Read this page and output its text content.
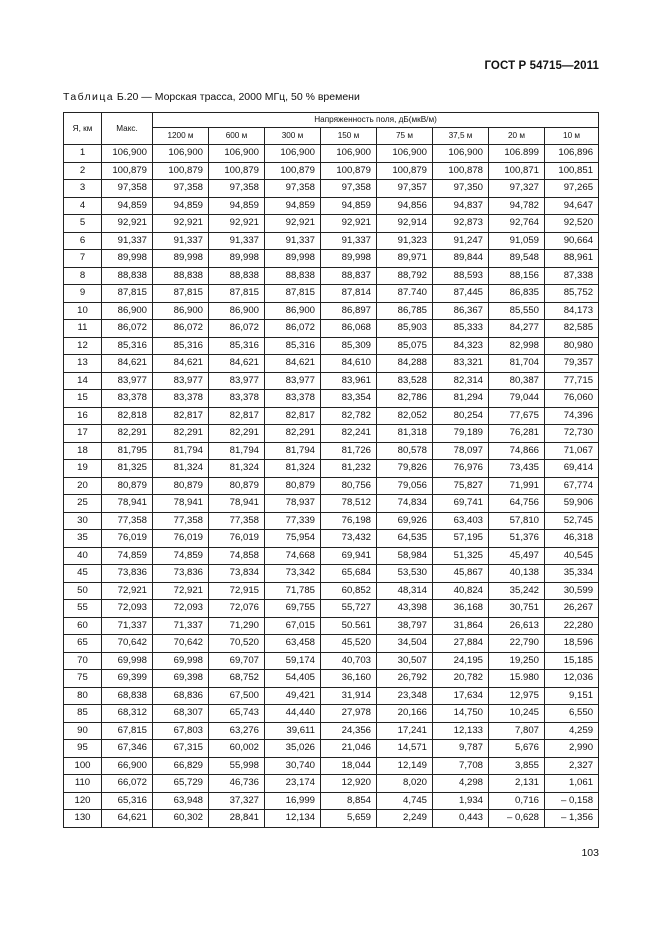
ГОСТ Р 54715—2011
Таблица Б.20 — Морская трасса, 2000 МГц, 50 % времени
Я, км	Макс.	Напряженность поля, дБ(мкВ/м)							
		1200 м	600 м	300 м	150 м	75 м	37,5 м	20 м	10 м
1	106,900	106,900	106,900	106,900	106,900	106,900	106,900	106.899	106,896
2	100,879	100,879	100,879	100,879	100,879	100,879	100,878	100,871	100,851
3	97,358	97,358	97,358	97,358	97,358	97,357	97,350	97,327	97,265
4	94,859	94,859	94,859	94,859	94,859	94,856	94,837	94,782	94,647
5	92,921	92,921	92,921	92,921	92,921	92,914	92,873	92,764	92,520
6	91,337	91,337	91,337	91,337	91,337	91,323	91,247	91,059	90,664
7	89,998	89,998	89,998	89,998	89,998	89,971	89,844	89,548	88,961
8	88,838	88,838	88,838	88,838	88,837	88,792	88,593	88,156	87,338
9	87,815	87,815	87,815	87,815	87,814	87.740	87,445	86,835	85,752
10	86,900	86,900	86,900	86,900	86,897	86,785	86,367	85,550	84,173
11	86,072	86,072	86,072	86,072	86,068	85,903	85,333	84,277	82,585
12	85,316	85,316	85,316	85,316	85,309	85,075	84,323	82,998	80,980
13	84,621	84,621	84,621	84,621	84,610	84,288	83,321	81,704	79,357
14	83,977	83,977	83,977	83,977	83,961	83,528	82,314	80,387	77,715
15	83,378	83,378	83,378	83,378	83,354	82,786	81,294	79,044	76,060
16	82,818	82,817	82,817	82,817	82,782	82,052	80,254	77,675	74,396
17	82,291	82,291	82,291	82,291	82,241	81,318	79,189	76,281	72,730
18	81,795	81,794	81,794	81,794	81,726	80,578	78,097	74,866	71,067
19	81,325	81,324	81,324	81,324	81,232	79,826	76,976	73,435	69,414
20	80,879	80,879	80,879	80,879	80,756	79,056	75,827	71,991	67,774
25	78,941	78,941	78,941	78,937	78,512	74,834	69,741	64,756	59,906
30	77,358	77,358	77,358	77,339	76,198	69,926	63,403	57,810	52,745
35	76,019	76,019	76,019	75,954	73,432	64,535	57,195	51,376	46,318
40	74,859	74,859	74,858	74,668	69,941	58,984	51,325	45,497	40,545
45	73,836	73,836	73,834	73,342	65,684	53,530	45,867	40,138	35,334
50	72,921	72,921	72,915	71,785	60,852	48,314	40,824	35,242	30,599
55	72,093	72,093	72,076	69,755	55,727	43,398	36,168	30,751	26,267
60	71,337	71,337	71,290	67,015	50.561	38,797	31,864	26,613	22,280
65	70,642	70,642	70,520	63,458	45,520	34,504	27,884	22,790	18,596
70	69,998	69,998	69,707	59,174	40,703	30,507	24,195	19,250	15,185
75	69,399	69,398	68,752	54,405	36,160	26,792	20,782	15.980	12,036
80	68,838	68,836	67,500	49,421	31,914	23,348	17,634	12,975	9,151
85	68,312	68,307	65,743	44,440	27,978	20,166	14,750	10,245	6,550
90	67,815	67,803	63,276	39,611	24,356	17,241	12,133	7,807	4,259
95	67,346	67,315	60,002	35,026	21,046	14,571	9,787	5,676	2,990
100	66,900	66,829	55,998	30,740	18,044	12,149	7,708	3,855	2,327
110	66,072	65,729	46,736	23,174	12,920	8,020	4,298	2,131	1,061
120	65,316	63,948	37,327	16,999	8,854	4,745	1,934	0,716	– 0,158
130	64,621	60,302	28,841	12,134	5,659	2,249	0,443	– 0,628	– 1,356
103
